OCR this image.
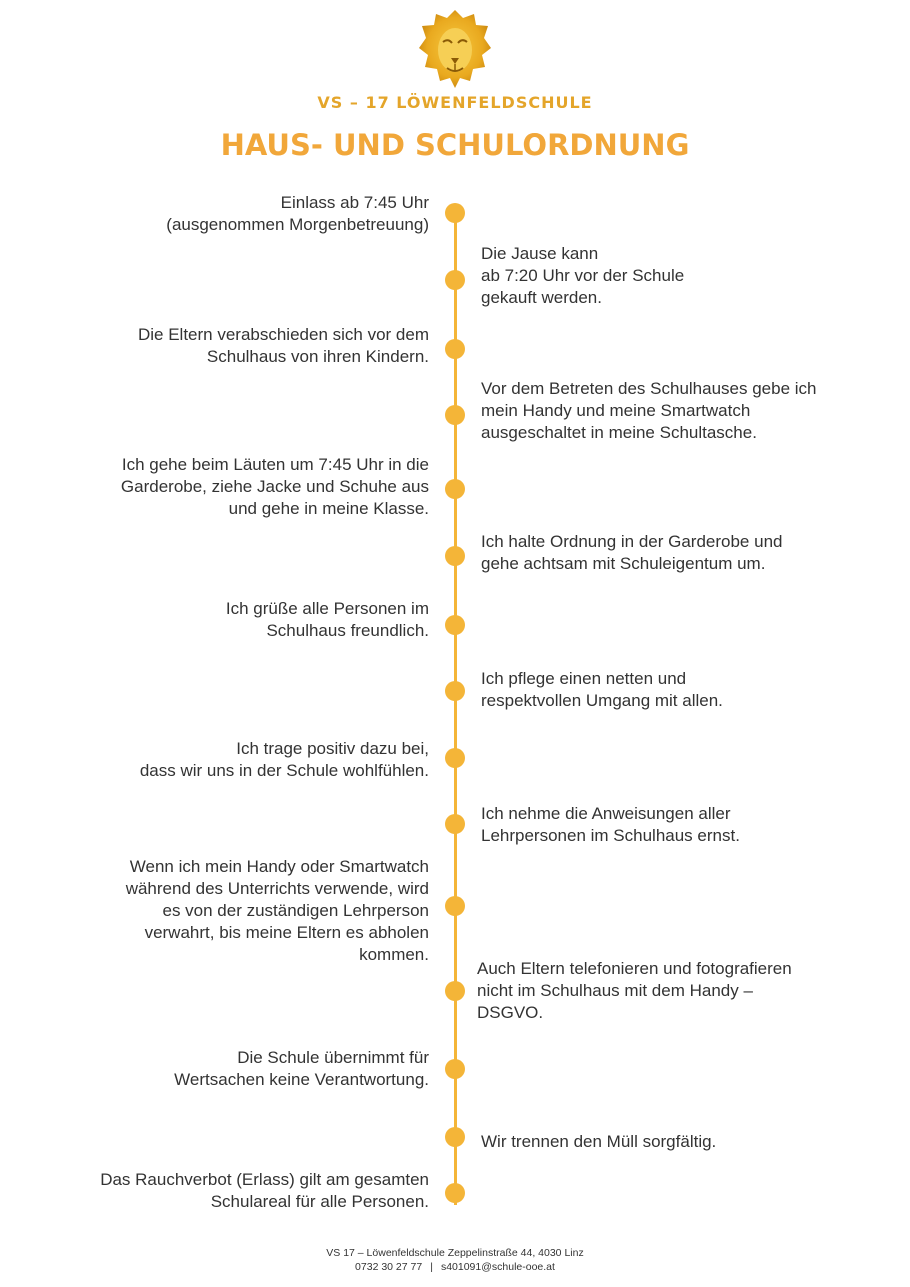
VS – 17 LÖWENFELDSCHULE
HAUS- UND SCHULORDNUNG
Einlass ab 7:45 Uhr
(ausgenommen Morgenbetreuung)
Die Jause kann
ab 7:20 Uhr vor der Schule
gekauft werden.
Die Eltern verabschieden sich vor dem
Schulhaus von ihren Kindern.
Vor dem Betreten des Schulhauses gebe ich
mein Handy und meine Smartwatch
ausgeschaltet in meine Schultasche.
Ich gehe beim Läuten um 7:45 Uhr in die
Garderobe, ziehe Jacke und Schuhe aus
und gehe in meine Klasse.
Ich halte Ordnung in der Garderobe und
gehe achtsam mit Schuleigentum um.
Ich grüße alle Personen im
Schulhaus freundlich.
Ich pflege einen netten und
respektvollen Umgang mit allen.
Ich trage positiv dazu bei,
dass wir uns in der Schule wohlfühlen.
Ich nehme die Anweisungen aller
Lehrpersonen im Schulhaus ernst.
Wenn ich mein Handy oder Smartwatch
während des Unterrichts verwende, wird
es von der zuständigen Lehrperson
verwahrt, bis meine Eltern es abholen
kommen.
Auch Eltern telefonieren und fotografieren
nicht im Schulhaus mit dem Handy –
DSGVO.
Die Schule übernimmt für
Wertsachen keine Verantwortung.
Wir trennen den Müll sorgfältig.
Das Rauchverbot (Erlass) gilt am gesamten
Schulareal für alle Personen.
VS 17 – Löwenfeldschule Zeppelinstraße 44, 4030 Linz
0732 30 27 77 | s401091@schule-ooe.at
